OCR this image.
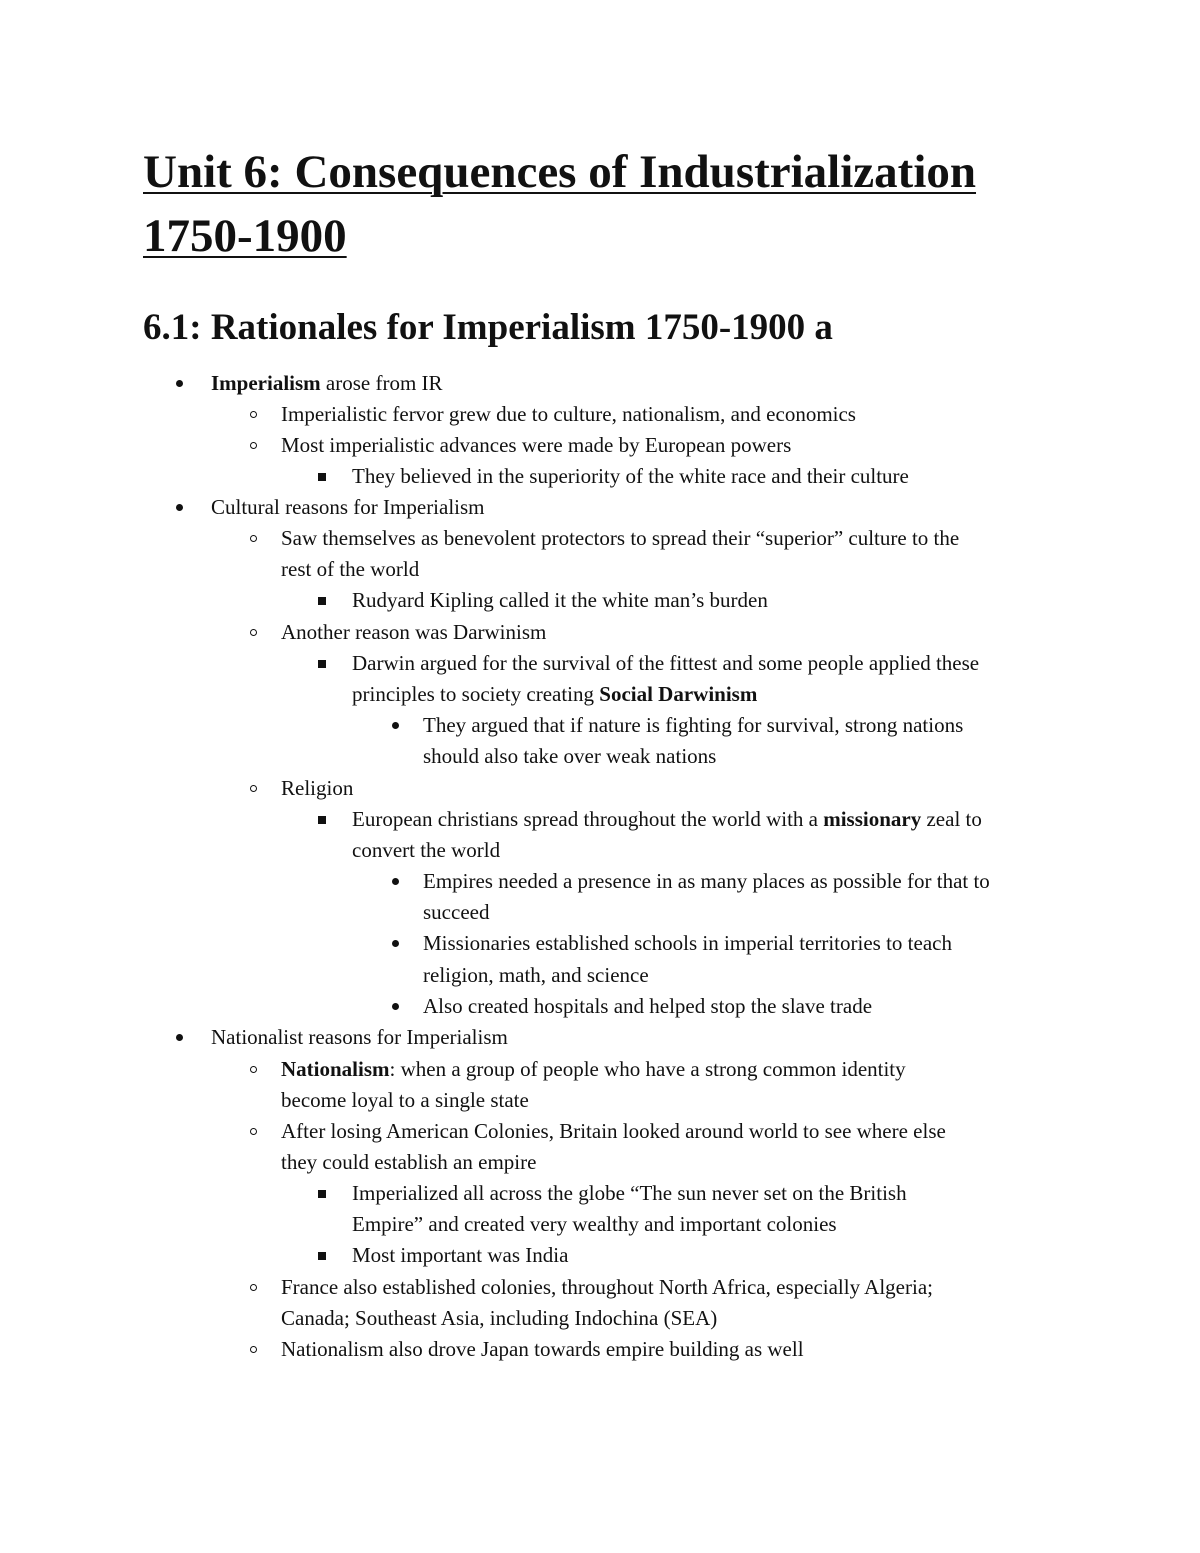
Unit 6: Consequences of Industrialization
1750-1900
6.1: Rationales for Imperialism 1750-1900 a
Imperialism arose from IR
Imperialistic fervor grew due to culture, nationalism, and economics
Most imperialistic advances were made by European powers
They believed in the superiority of the white race and their culture
Cultural reasons for Imperialism
Saw themselves as benevolent protectors to spread their “superior” culture to the
rest of the world
Rudyard Kipling called it the white man’s burden
Another reason was Darwinism
Darwin argued for the survival of the fittest and some people applied these
principles to society creating Social Darwinism
They argued that if nature is fighting for survival, strong nations
should also take over weak nations
Religion
European christians spread throughout the world with a missionary zeal to
convert the world
Empires needed a presence in as many places as possible for that to
succeed
Missionaries established schools in imperial territories to teach
religion, math, and science
Also created hospitals and helped stop the slave trade
Nationalist reasons for Imperialism
Nationalism: when a group of people who have a strong common identity
become loyal to a single state
After losing American Colonies, Britain looked around world to see where else
they could establish an empire
Imperialized all across the globe “The sun never set on the British
Empire” and created very wealthy and important colonies
Most important was India
France also established colonies, throughout North Africa, especially Algeria;
Canada; Southeast Asia, including Indochina (SEA)
Nationalism also drove Japan towards empire building as well
